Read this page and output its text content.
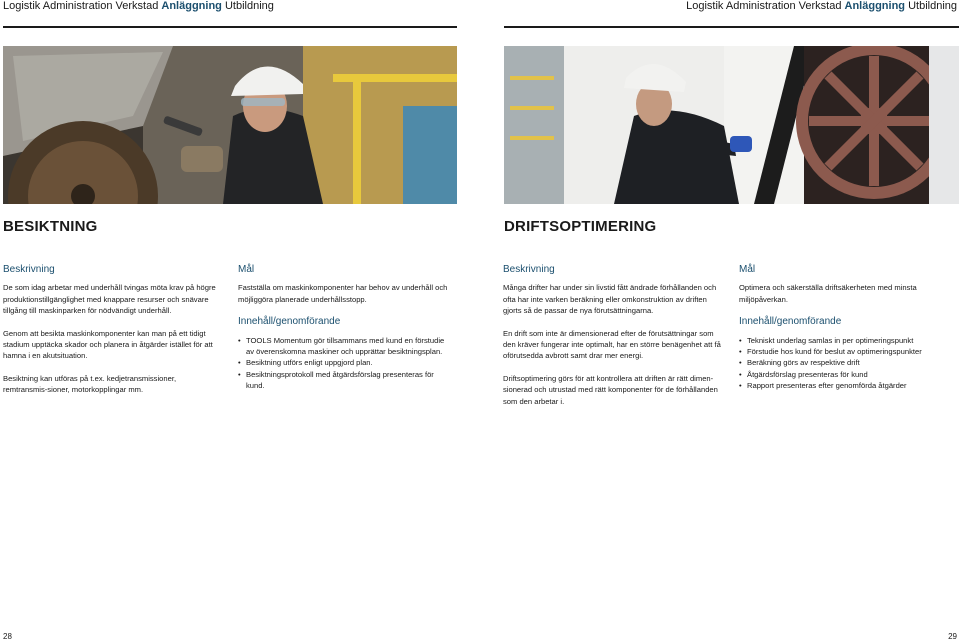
Logistik Administration Verkstad Anläggning Utbildning
BESIKTNING
Beskrivning

De som idag arbetar med underhåll tvingas möta krav på högre produktionstillgänglighet med knappare resurser och snävare tillgång till maskinparken för nödvändigt underhåll.

Genom att besikta maskinkomponenter kan man på ett tidigt stadium upptäcka skador och planera in åtgärder istället för att hamna i en akutsituation.

Besiktning kan utföras på t.ex. kedjetransmissioner, remtransmis-sioner, motorkopplingar mm.

Mål

Fastställa om maskinkomponenter har behov av underhåll och möjliggöra planerade underhållsstopp.

Innehåll/genomförande
• TOOLS Momentum gör tillsammans med kund en förstudie av överenskomna maskiner och upprättar besiktningsplan.
• Besiktning utförs enligt uppgjord plan.
• Besiktningsprotokoll med åtgärdsförslag presenteras för kund.
28
Logistik Administration Verkstad Anläggning Utbildning
DRIFTSOPTIMERING
Beskrivning

Många drifter har under sin livstid fått ändrade förhållanden och ofta har inte varken beräkning eller omkonstruktion av driften gjorts så de passar de nya förutsättningarna.

En drift som inte är dimensionerad efter de förutsättningar som den kräver fungerar inte optimalt, har en större benägenhet att få oförutsedda avbrott samt drar mer energi.

Driftsoptimering görs för att kontrollera att driften är rätt dimen-sionerad och utrustad med rätt komponenter för de förhållanden som den arbetar i.

Mål

Optimera och säkerställa driftsäkerheten med minsta miljöpåverkan.

Innehåll/genomförande
• Tekniskt underlag samlas in per optimeringspunkt
• Förstudie hos kund för beslut av optimeringspunkter
• Beräkning görs av respektive drift
• Åtgärdsförslag presenteras för kund
• Rapport presenteras efter genomförda åtgärder
29
